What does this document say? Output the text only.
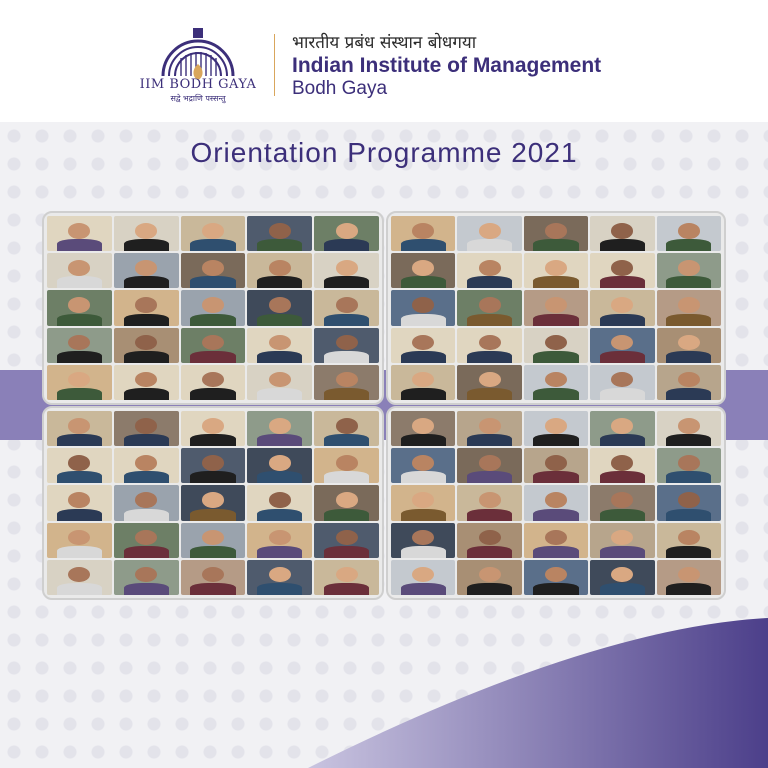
IIM BODH GAYA
सद्वे भद्राणि पस्सन्तु
भारतीय प्रबंध संस्थान बोधगया
Indian Institute of Management
Bodh Gaya
Orientation Programme 2021
